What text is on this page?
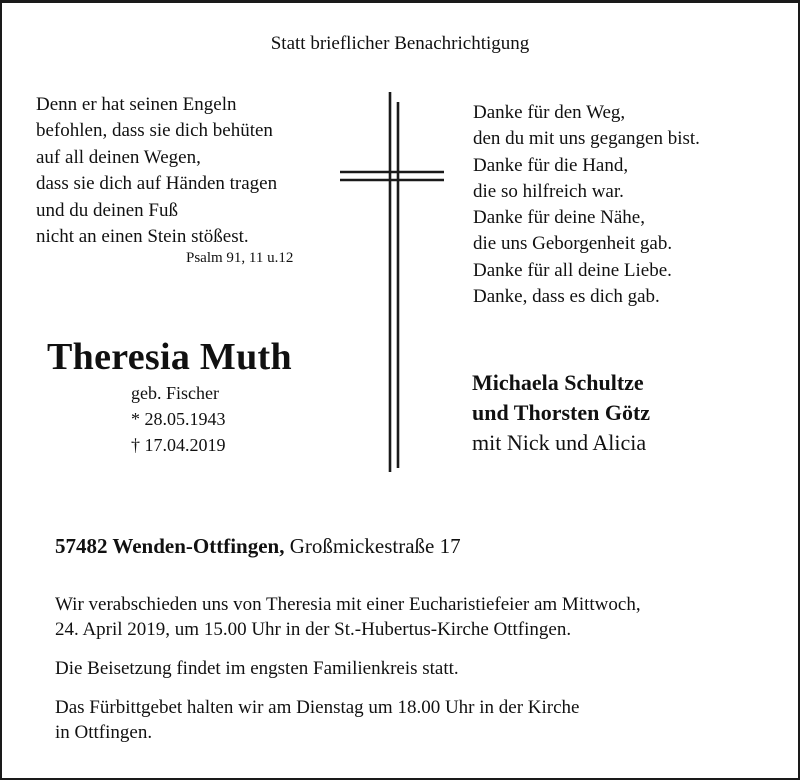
Statt brieflicher Benachrichtigung
Denn er hat seinen Engeln
befohlen, dass sie dich behüten
auf all deinen Wegen,
dass sie dich auf Händen tragen
und du deinen Fuß
nicht an einen Stein stößest.
Psalm 91, 11 u.12
Theresia Muth
geb. Fischer
* 28.05.1943
† 17.04.2019
Danke für den Weg,
den du mit uns gegangen bist.
Danke für die Hand,
die so hilfreich war.
Danke für deine Nähe,
die uns Geborgenheit gab.
Danke für all deine Liebe.
Danke, dass es dich gab.
Michaela Schultze
und Thorsten Götz
mit Nick und Alicia
57482 Wenden-Ottfingen, Großmickestraße 17
Wir verabschieden uns von Theresia mit einer Eucharistiefeier am Mittwoch,
24. April 2019, um 15.00 Uhr in der St.-Hubertus-Kirche Ottfingen.
Die Beisetzung findet im engsten Familienkreis statt.
Das Fürbittgebet halten wir am Dienstag um 18.00 Uhr in der Kirche
in Ottfingen.
